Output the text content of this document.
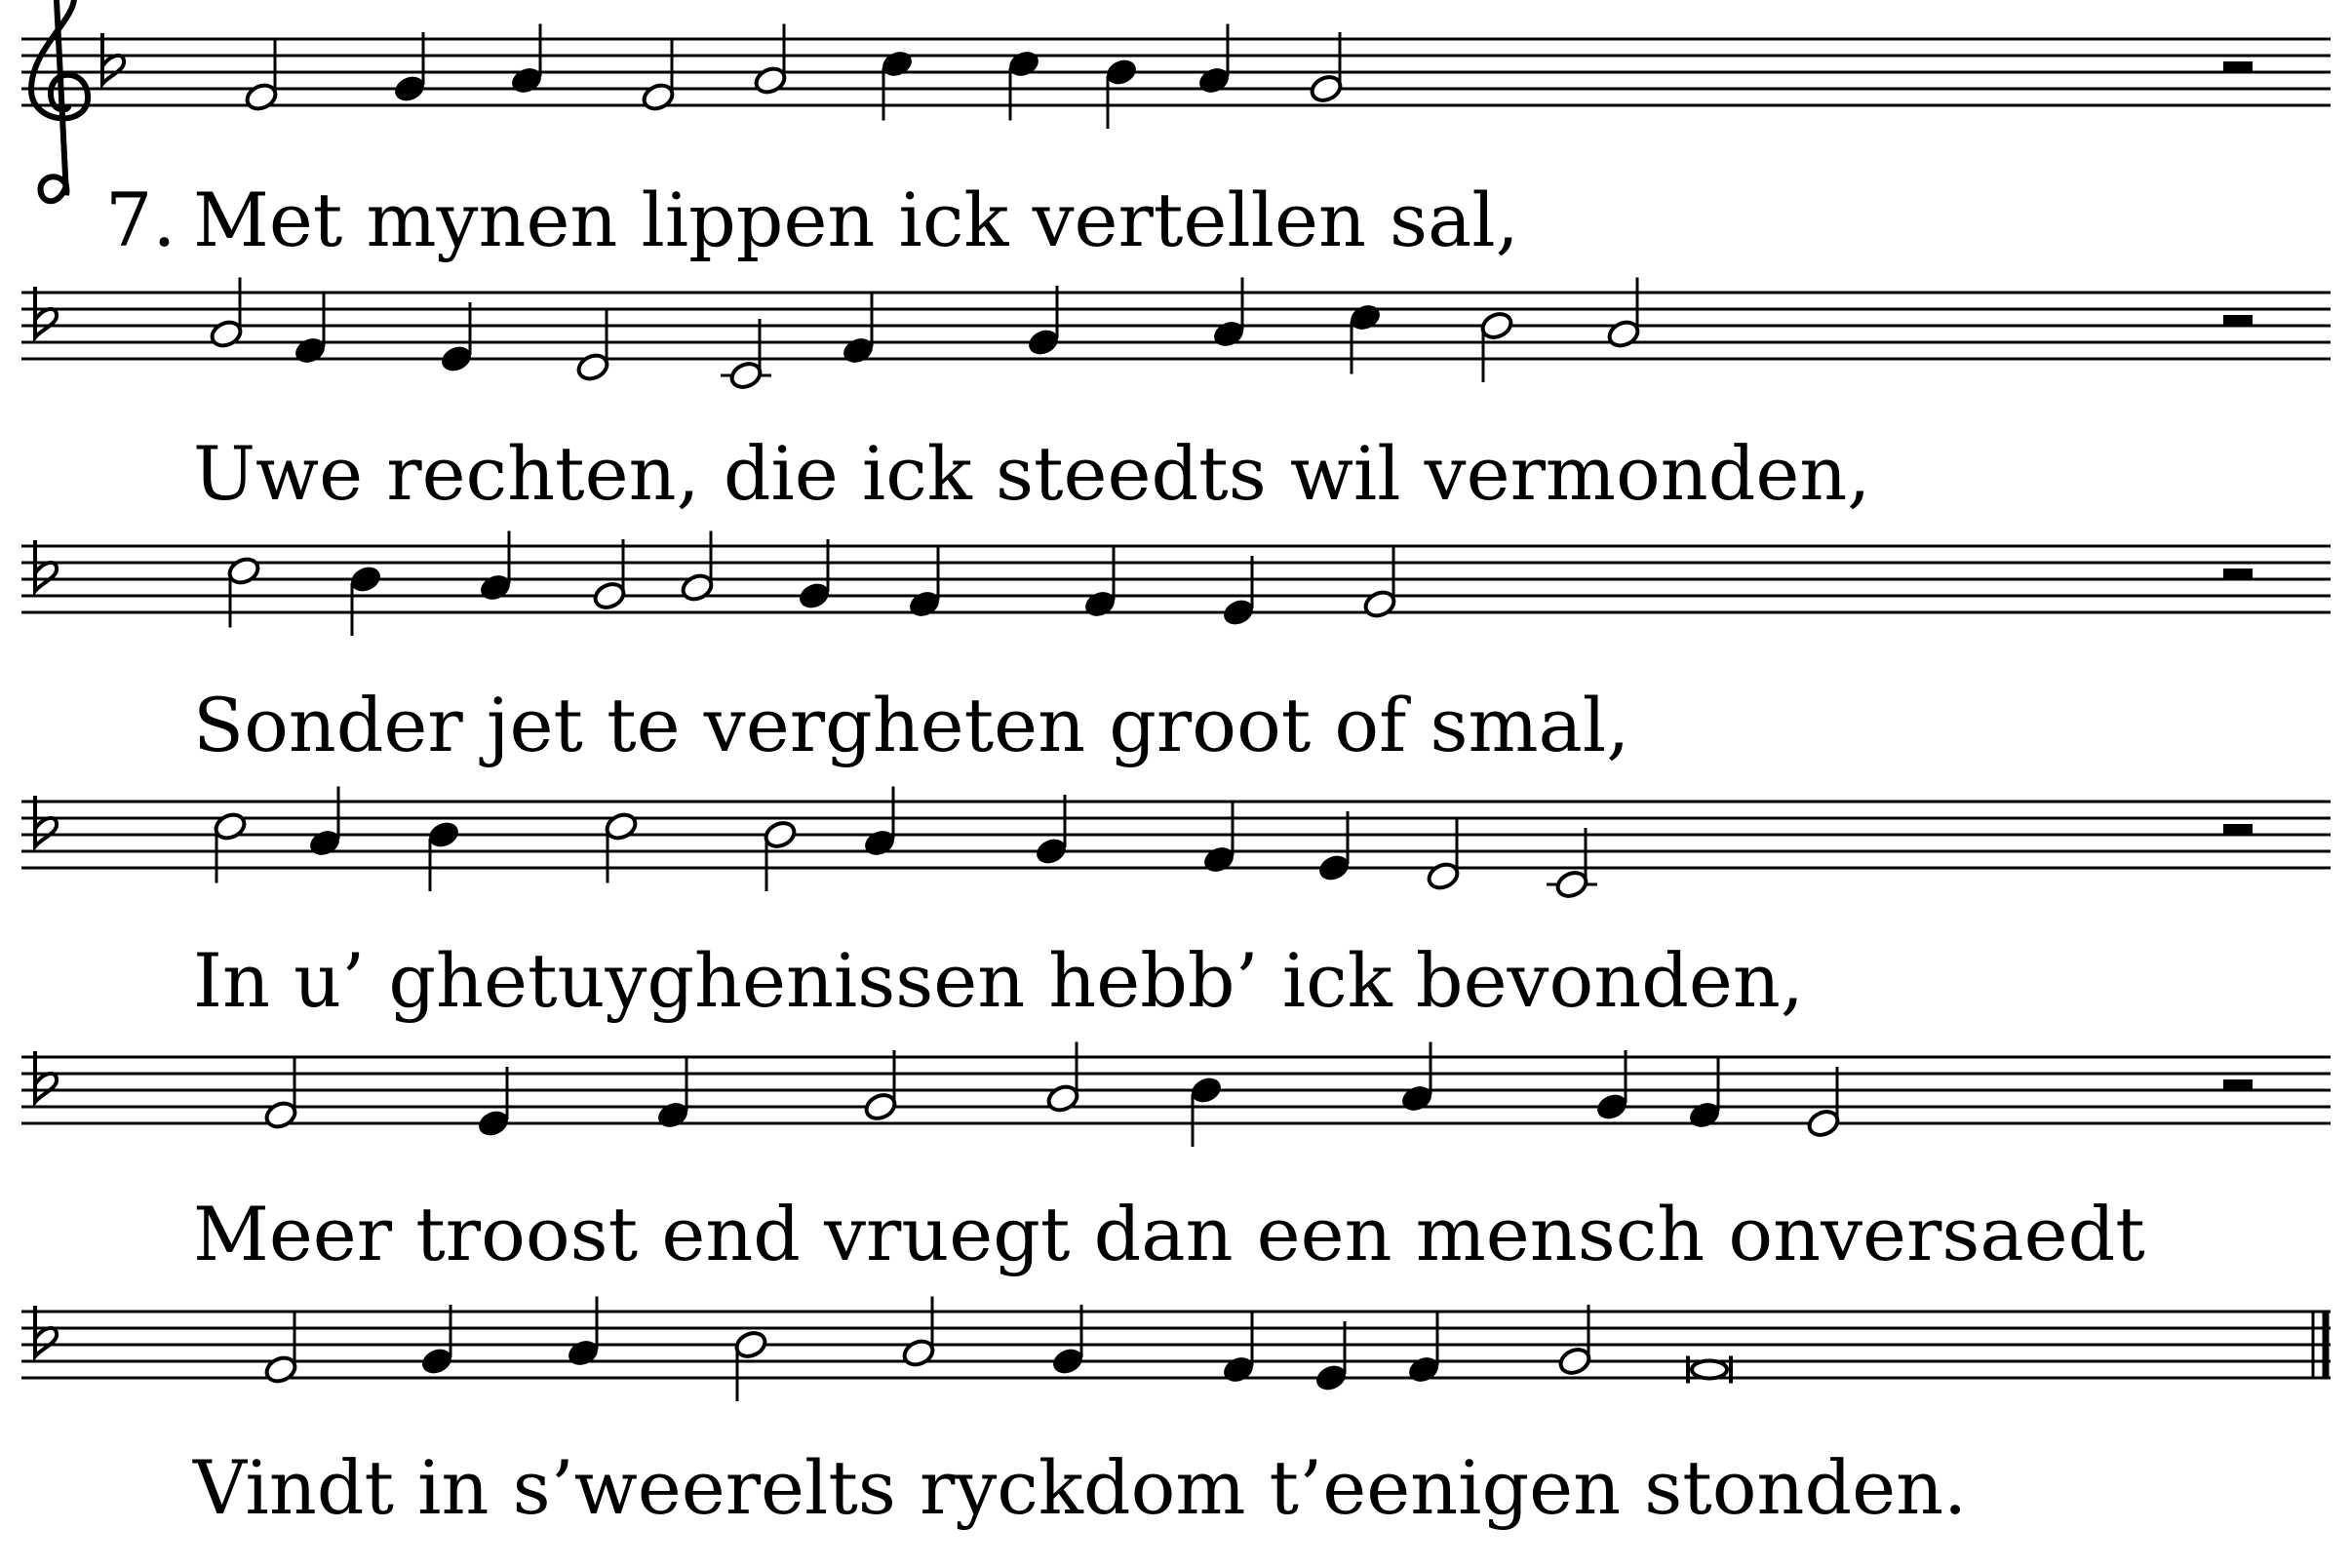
Met mynen lippen ick vertellen sal,
Uwe rechten, die ick steedts wil vermonden,
Sonder jet te vergheten groot of smal,
In u’ ghetuyghenissen hebb’ ick bevonden,
Meer troost end vruegt dan een mensch onversaedt
Vindt in s’weerelts ryckdom t’eenigen stonden.
7.
